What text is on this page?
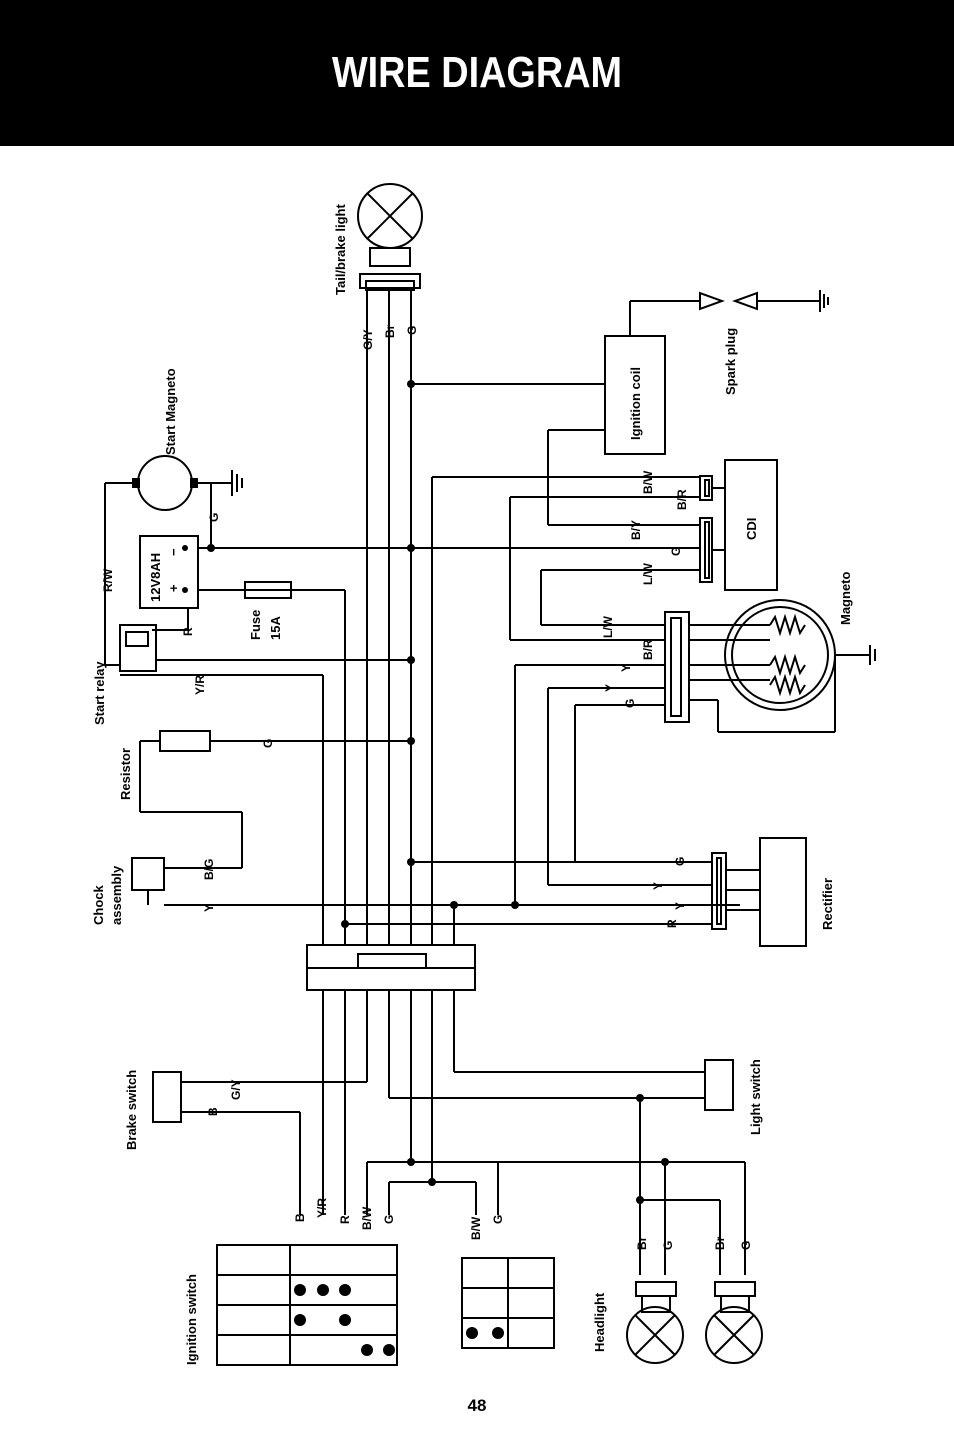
WIRE DIAGRAM
Tail/brake light
Start Magneto
Spark plug
Ignition coil
12V8AH
−
+
Fuse 15A
Start relay
CDI
Magneto
Resistor
Chock assembly	Rectifier
Brake switch	Light switch
Ignition switch	Headlight
G/Y Br G
G
R/W
R
Y/R
G
B/G
Y
B/W
B/R
B/Y
G
L/W
L/W
B/R
Y
Y
G
G
Y
R
Y
G/Y
B
B Y/R
R B/W G	B/W G
Br G	Br G
48
